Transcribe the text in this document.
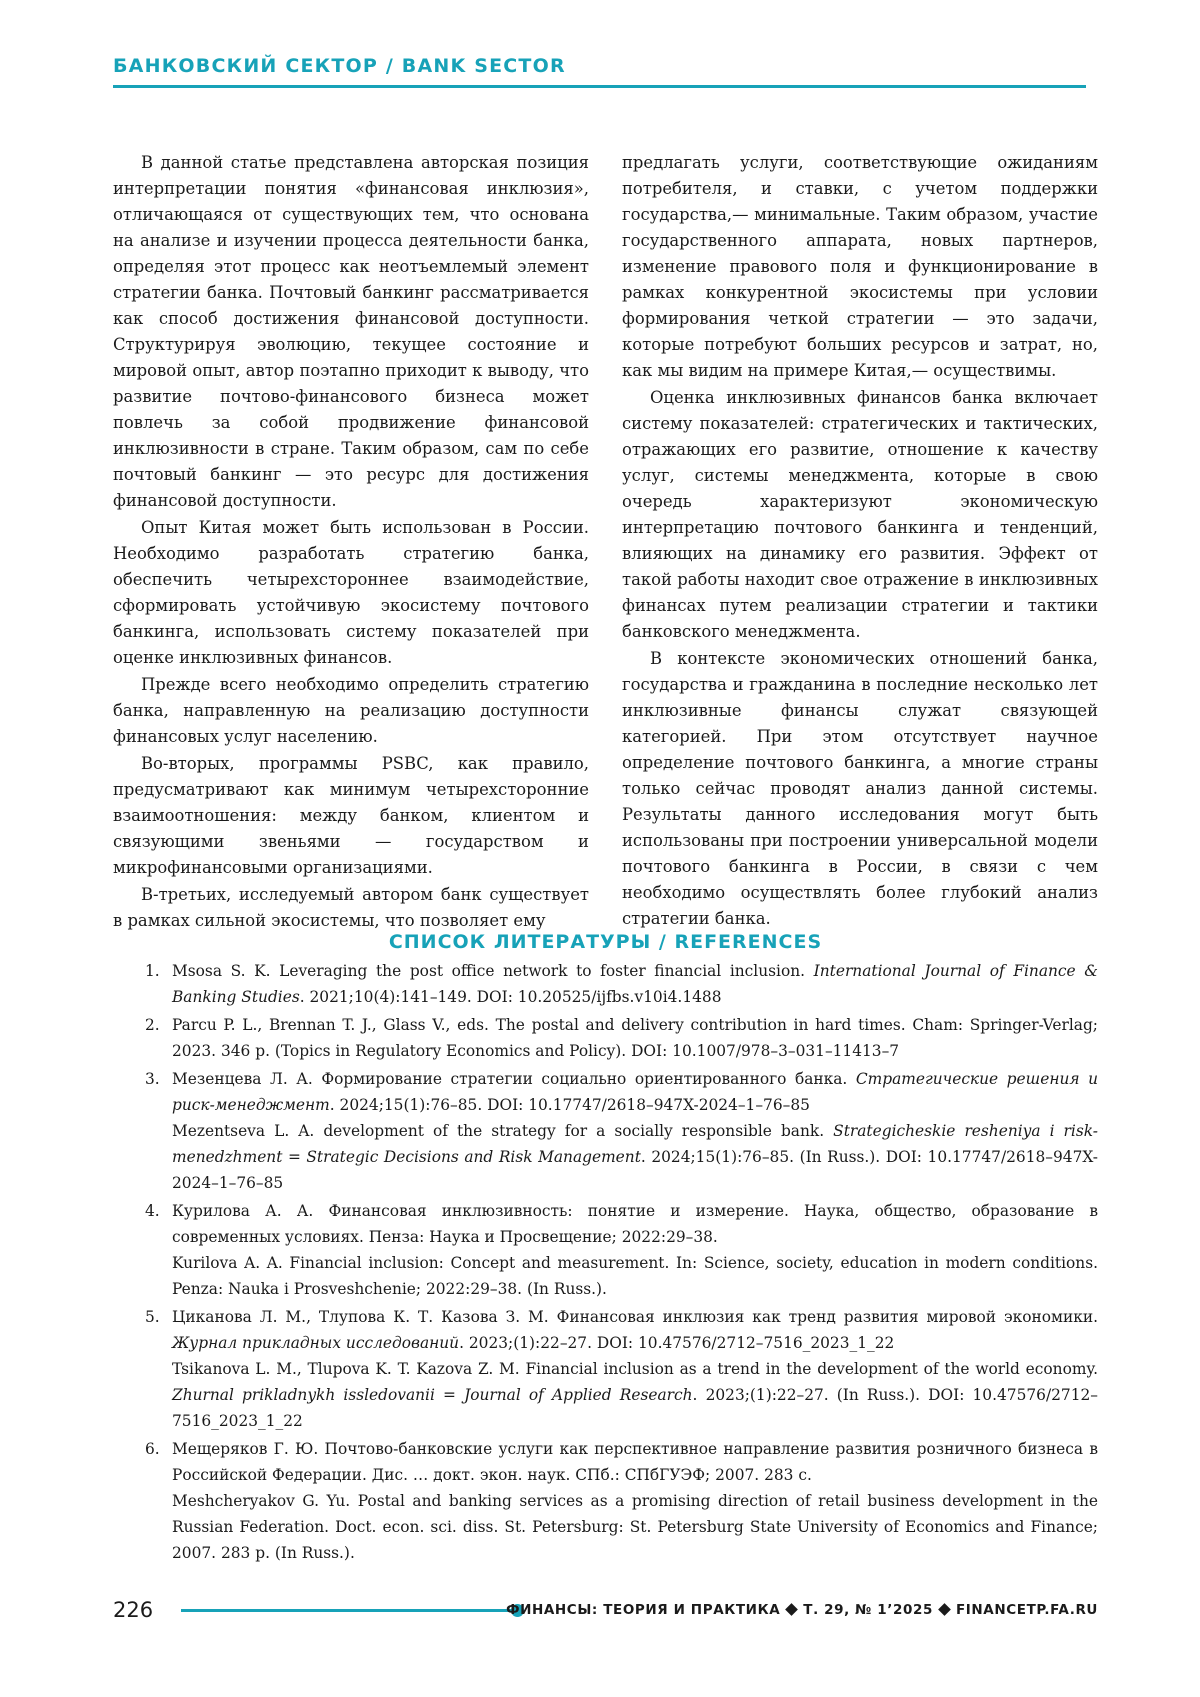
БАНКОВСКИЙ СЕКТОР / BANK SECTOR

В данной статье представлена авторская позиция интерпретации понятия «финансовая инклюзия», отличающаяся от существующих тем, что основана на анализе и изучении процесса деятельности банка, определяя этот процесс как неотъемлемый элемент стратегии банка. Почтовый банкинг рассматривается как способ достижения финансовой доступности. Структурируя эволюцию, текущее состояние и мировой опыт, автор поэтапно приходит к выводу, что развитие почтово-финансового бизнеса может повлечь за собой продвижение финансовой инклюзивности в стране. Таким образом, сам по себе почтовый банкинг — это ресурс для достижения финансовой доступности.

Опыт Китая может быть использован в России. Необходимо разработать стратегию банка, обеспечить четырехстороннее взаимодействие, сформировать устойчивую экосистему почтового банкинга, использовать систему показателей при оценке инклюзивных финансов.

Прежде всего необходимо определить стратегию банка, направленную на реализацию доступности финансовых услуг населению.

Во-вторых, программы PSBC, как правило, предусматривают как минимум четырехсторонние взаимоотношения: между банком, клиентом и связующими звеньями — государством и микрофинансовыми организациями.

В-третьих, исследуемый автором банк существует в рамках сильной экосистемы, что позволяет ему

предлагать услуги, соответствующие ожиданиям потребителя, и ставки, с учетом поддержки государства,— минимальные. Таким образом, участие государственного аппарата, новых партнеров, изменение правового поля и функционирование в рамках конкурентной экосистемы при условии формирования четкой стратегии — это задачи, которые потребуют больших ресурсов и затрат, но, как мы видим на примере Китая,— осуществимы.

Оценка инклюзивных финансов банка включает систему показателей: стратегических и тактических, отражающих его развитие, отношение к качеству услуг, системы менеджмента, которые в свою очередь характеризуют экономическую интерпретацию почтового банкинга и тенденций, влияющих на динамику его развития. Эффект от такой работы находит свое отражение в инклюзивных финансах путем реализации стратегии и тактики банковского менеджмента.

В контексте экономических отношений банка, государства и гражданина в последние несколько лет инклюзивные финансы служат связующей категорией. При этом отсутствует научное определение почтового банкинга, а многие страны только сейчас проводят анализ данной системы. Результаты данного исследования могут быть использованы при построении универсальной модели почтового банкинга в России, в связи с чем необходимо осуществлять более глубокий анализ стратегии банка.

СПИСОК ЛИТЕРАТУРЫ / REFERENCES
1. Msosa S. K. Leveraging the post office network to foster financial inclusion. International Journal of Finance & Banking Studies. 2021;10(4):141–149. DOI: 10.20525/ijfbs.v10i4.1488

2. Parcu P. L., Brennan T. J., Glass V., eds. The postal and delivery contribution in hard times. Cham: Springer-Verlag; 2023. 346 p. (Topics in Regulatory Economics and Policy). DOI: 10.1007/978–3–031–11413–7

3. Мезенцева Л. А. Формирование стратегии социально ориентированного банка. Стратегические решения и риск-менеджмент. 2024;15(1):76–85. DOI: 10.17747/2618–947X-2024–1–76–85

Mezentseva L. A. development of the strategy for a socially responsible bank. Strategicheskie resheniya i risk-menedzhment = Strategic Decisions and Risk Management. 2024;15(1):76–85. (In Russ.). DOI: 10.17747/2618–947X-2024–1–76–85

4. Курилова А. А. Финансовая инклюзивность: понятие и измерение. Наука, общество, образование в современных условиях. Пенза: Наука и Просвещение; 2022:29–38.

Kurilova A. A. Financial inclusion: Concept and measurement. In: Science, society, education in modern conditions. Penza: Nauka i Prosveshchenie; 2022:29–38. (In Russ.).

5. Циканова Л. М., Тлупова К. Т. Казова З. М. Финансовая инклюзия как тренд развития мировой экономики. Журнал прикладных исследований. 2023;(1):22–27. DOI: 10.47576/2712–7516_2023_1_22

Tsikanova L. M., Tlupova K. T. Kazova Z. M. Financial inclusion as a trend in the development of the world economy. Zhurnal prikladnykh issledovanii = Journal of Applied Research. 2023;(1):22–27. (In Russ.). DOI: 10.47576/2712–7516_2023_1_22

6. Мещеряков Г. Ю. Почтово-банковские услуги как перспективное направление развития розничного бизнеса в Российской Федерации. Дис. … докт. экон. наук. СПб.: СПбГУЭФ; 2007. 283 с.

Meshcheryakov G. Yu. Postal and banking services as a promising direction of retail business development in the Russian Federation. Doct. econ. sci. diss. St. Petersburg: St. Petersburg State University of Economics and Finance; 2007. 283 p. (In Russ.).

226	ФИНАНСЫ: ТЕОРИЯ И ПРАКТИКА Т. 29, № 1’2025 FINANCETP.FA.RU
